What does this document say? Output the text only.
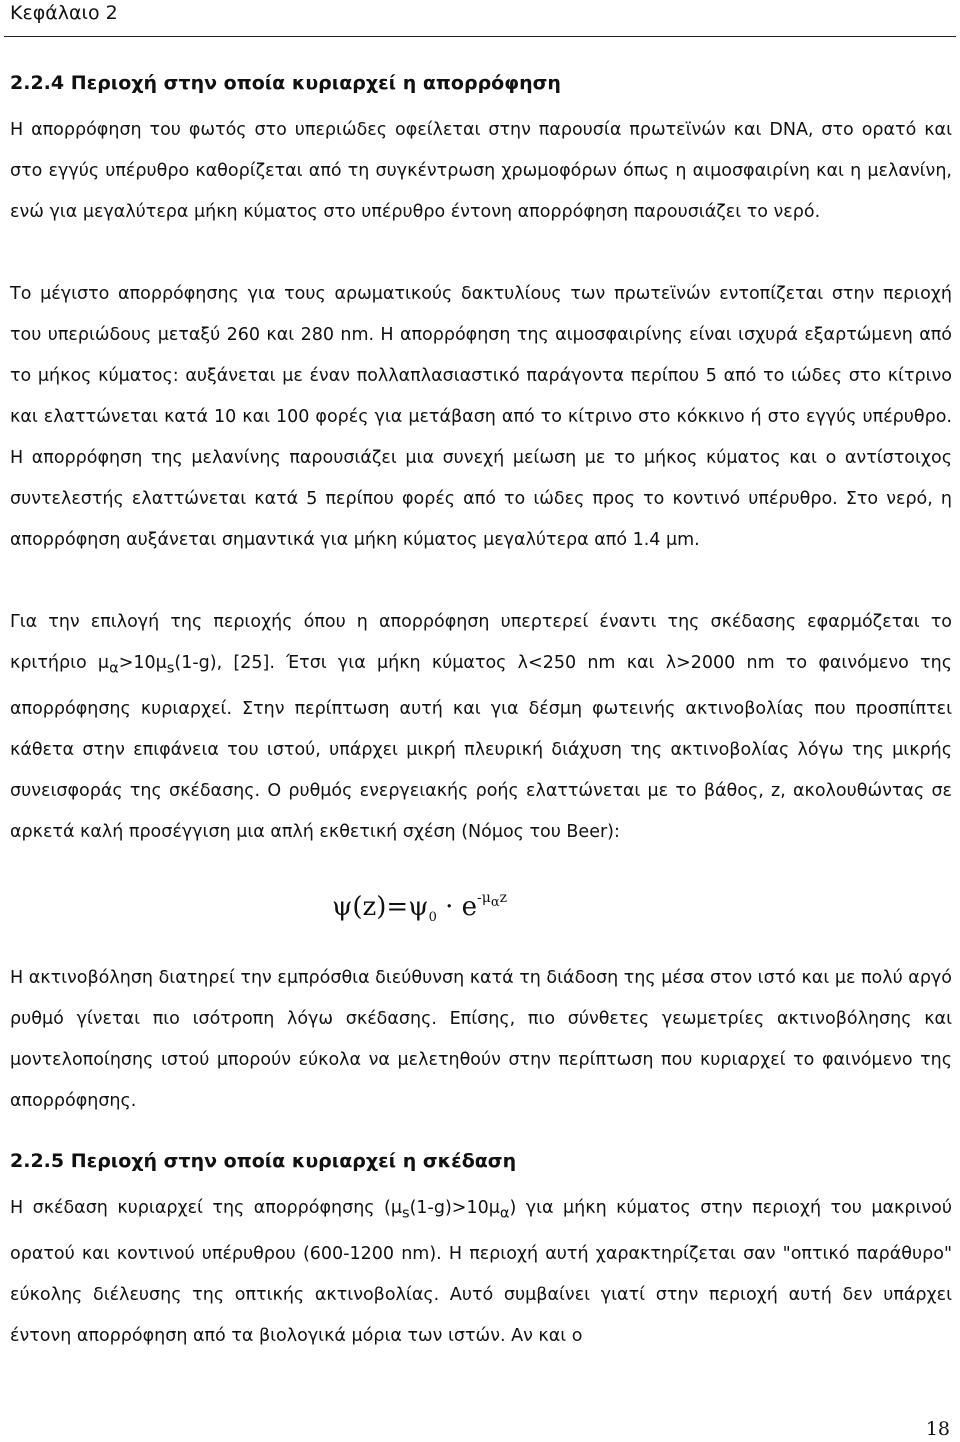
Κεφάλαιο 2
2.2.4 Περιοχή στην οποία κυριαρχεί η απορρόφηση

Η απορρόφηση του φωτός στο υπεριώδες οφείλεται στην παρουσία πρωτεϊνών και DNA, στο ορατό και στο εγγύς υπέρυθρο καθορίζεται από τη συγκέντρωση χρωμοφόρων όπως η αιμοσφαιρίνη και η μελανίνη, ενώ για μεγαλύτερα μήκη κύματος στο υπέρυθρο έντονη απορρόφηση παρουσιάζει το νερό.

Το μέγιστο απορρόφησης για τους αρωματικούς δακτυλίους των πρωτεϊνών εντοπίζεται στην περιοχή του υπεριώδους μεταξύ 260 και 280 nm. Η απορρόφηση της αιμοσφαιρίνης είναι ισχυρά εξαρτώμενη από το μήκος κύματος: αυξάνεται με έναν πολλαπλασιαστικό παράγοντα περίπου 5 από το ιώδες στο κίτρινο και ελαττώνεται κατά 10 και 100 φορές για μετάβαση από το κίτρινο στο κόκκινο ή στο εγγύς υπέρυθρο. Η απορρόφηση της μελανίνης παρουσιάζει μια συνεχή μείωση με το μήκος κύματος και ο αντίστοιχος συντελεστής ελαττώνεται κατά 5 περίπου φορές από το ιώδες προς το κοντινό υπέρυθρο. Στο νερό, η απορρόφηση αυξάνεται σημαντικά για μήκη κύματος μεγαλύτερα από 1.4 μm.

Για την επιλογή της περιοχής όπου η απορρόφηση υπερτερεί έναντι της σκέδασης εφαρμόζεται το κριτήριο $\mu_\alpha>10\mu_s(1-g)$, [25]. Έτσι για μήκη κύματος λ<250 nm και λ>2000 nm το φαινόμενο της απορρόφησης κυριαρχεί. Στην περίπτωση αυτή και για δέσμη φωτεινής ακτινοβολίας που προσπίπτει κάθετα στην επιφάνεια του ιστού, υπάρχει μικρή πλευρική διάχυση της ακτινοβολίας λόγω της μικρής συνεισφοράς της σκέδασης. Ο ρυθμός ενεργειακής ροής ελαττώνεται με το βάθος, z, ακολουθώντας σε αρκετά καλή προσέγγιση μια απλή εκθετική σχέση (Νόμος του Beer):

$\psi(z)=\psi_0 \cdot e^{-\mu_\alpha z}$

Η ακτινοβόληση διατηρεί την εμπρόσθια διεύθυνση κατά τη διάδοση της μέσα στον ιστό και με πολύ αργό ρυθμό γίνεται πιο ισότροπη λόγω σκέδασης. Επίσης, πιο σύνθετες γεωμετρίες ακτινοβόλησης και μοντελοποίησης ιστού μπορούν εύκολα να μελετηθούν στην περίπτωση που κυριαρχεί το φαινόμενο της απορρόφησης.

2.2.5 Περιοχή στην οποία κυριαρχεί η σκέδαση

Η σκέδαση κυριαρχεί της απορρόφησης $(\mu_s(1-g)>10\mu_\alpha)$ για μήκη κύματος στην περιοχή του μακρινού ορατού και κοντινού υπέρυθρου (600-1200 nm). Η περιοχή αυτή χαρακτηρίζεται σαν "οπτικό παράθυρο" εύκολης διέλευσης της οπτικής ακτινοβολίας. Αυτό συμβαίνει γιατί στην περιοχή αυτή δεν υπάρχει έντονη απορρόφηση από τα βιολογικά μόρια των ιστών. Αν και ο

18
